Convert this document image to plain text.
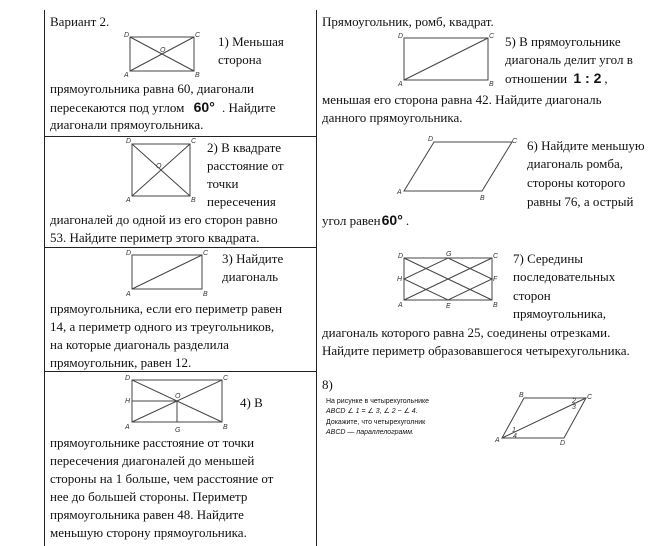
Вариант 2.
D	C
A	B
O
1) Меньшая
сторона
прямоугольника равна 60, диагонали
пересекаются под углом 60° . Найдите
диагонали прямоугольника.
D	C
A	B
O
2) В квадрате
расстояние от
точки
пересечения
диагоналей до одной из его сторон равно
53. Найдите периметр этого квадрата.
D	C
A	B
3) Найдите
диагональ
прямоугольника, если его периметр равен
14, а периметр одного из треугольников,
на которые диагональ разделила
прямоугольник, равен 12.
D	C
H
O
A	G	B
4) В
прямоугольнике расстояние от точки
пересечения диагоналей до меньшей
стороны на 1 больше, чем расстояние от
нее до большей стороны. Периметр
прямоугольника равен 48. Найдите
меньшую сторону прямоугольника.
Прямоугольник, ромб, квадрат.
D	C
A	B
5) В прямоугольнике
диагональ делит угол в
отношении 1 : 2 ,
меньшая его сторона равна 42. Найдите диагональ
данного прямоугольника.
D	C
A
B
6) Найдите меньшую
диагональ ромба,
стороны которого
равны 76, а острый
угол равен60° .
D	G	C
H	F
A	E	B
7) Середины
последовательных
сторон
прямоугольника,
диагональ которого равна 25, соединены отрезками.
Найдите периметр образовавшегося четырехугольника.
8)
На рисунке в четырехугольнике
ABCD ∠ 1 = ∠ 3, ∠ 2 − ∠ 4.
Докажите, что четырехуголник
ABCD — параллелограмм.
B	C
A	D
1
4
2
3
